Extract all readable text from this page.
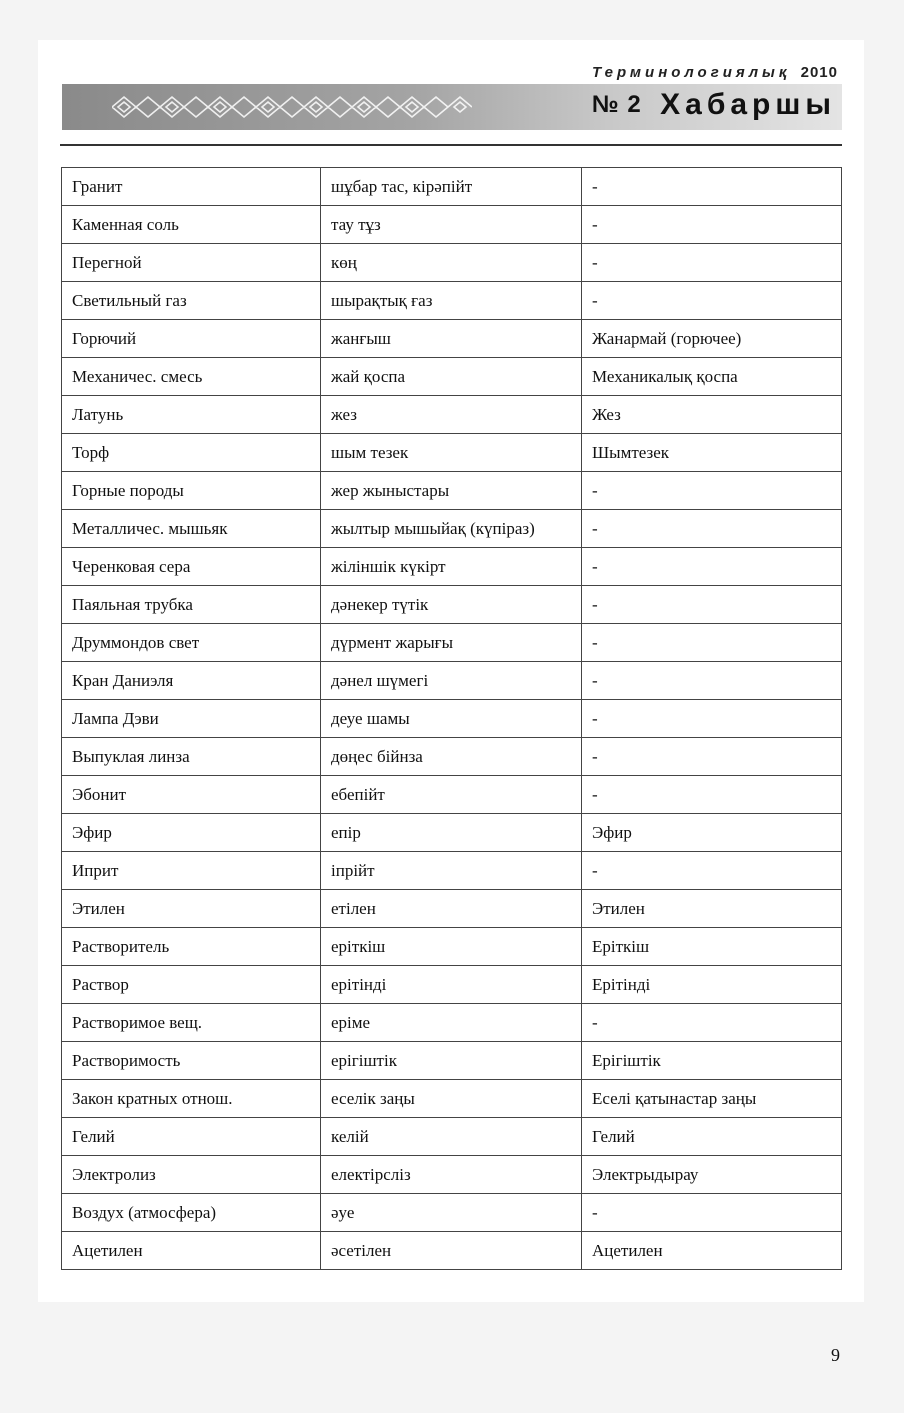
Терминологиялық 2010
№ 2 Хабаршы
Гранит	шұбар тас, кірәпійт	-
Каменная соль	тау тұз	-
Перегной	көң	-
Светильный газ	шырақтық ғаз	-
Горючий	жанғыш	Жанармай (горючее)
Механичес. смесь	жай қоспа	Механикалық қоспа
Латунь	жез	Жез
Торф	шым тезек	Шымтезек
Горные породы	жер жыныстары	-
Металличес. мышьяк	жылтыр мышыйақ (күпіраз)	-
Черенковая сера	жіліншік күкірт	-
Паяльная трубка	дәнекер түтік	-
Друммондов свет	дүрмент жарығы	-
Кран Даниэля	дәнел шүмегі	-
Лампа Дэви	деуе шамы	-
Выпуклая линза	дөңес бійнза	-
Эбонит	ебепійт	-
Эфир	епір	Эфир
Иприт	іпрійт	-
Этилен	етілен	Этилен
Растворитель	еріткіш	Еріткіш
Раствор	ерітінді	Ерітінді
Растворимое вещ.	ерімe	-
Растворимость	ерігіштік	Ерігіштік
Закон кратных отнош.	еселік заңы	Еселі қатынастар заңы
Гелий	келій	Гелий
Электролиз	електірсліз	Электрыдырау
Воздух (атмосфера)	әуе	-
Ацетилен	әсетілен	Ацетилен
9
